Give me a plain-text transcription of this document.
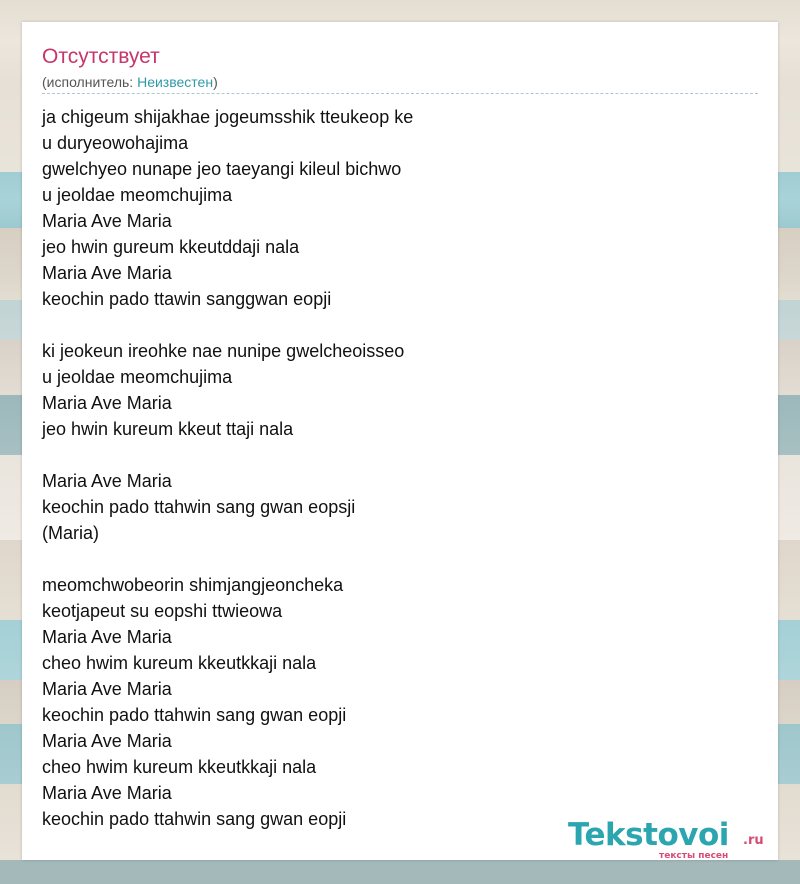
Отсутствует
(исполнитель: Неизвестен)
ja chigeum shijakhae jogeumsshik tteukeop ke
u duryeowohajima
gwelchyeo nunape jeo taeyangi kileul bichwo
u jeoldae meomchujima
Maria Ave Maria
jeo hwin gureum kkeutddaji nala
Maria Ave Maria
keochin pado ttawin sanggwan eopji
ki jeokeun ireohke nae nunipe gwelcheoisseo
u jeoldae meomchujima
Maria Ave Maria
jeo hwin kureum kkeut ttaji nala
Maria Ave Maria
keochin pado ttahwin sang gwan eopsji
(Maria)
meomchwobeorin shimjangjeoncheka
keotjapeut su eopshi ttwieowa
Maria Ave Maria
cheo hwim kureum kkeutkkaji nala
Maria Ave Maria
keochin pado ttahwin sang gwan eopji
Maria Ave Maria
cheo hwim kureum kkeutkkaji nala
Maria Ave Maria
keochin pado ttahwin sang gwan eopji	Tekstovoi .ru
тексты песен
